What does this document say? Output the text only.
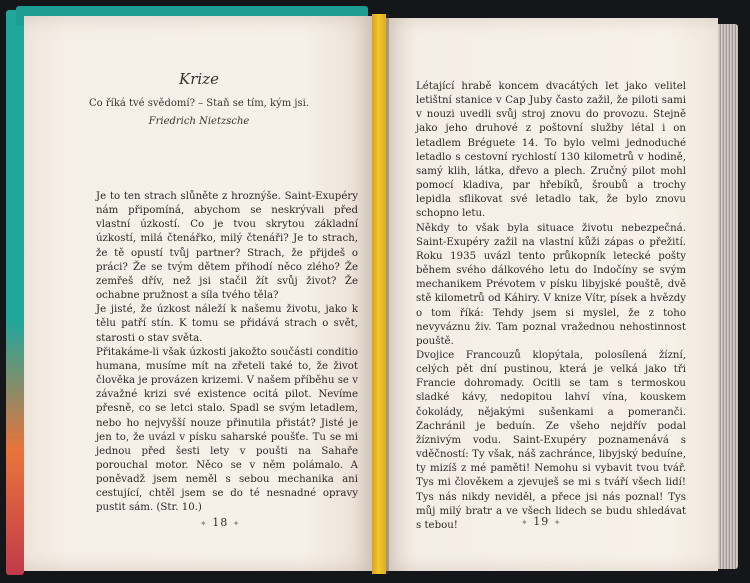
Krize
Co říká tvé svědomí? – Staň se tím, kým jsi.
Friedrich Nietzsche

Je to ten strach slůněte z hroznýše. Saint-Exupéry nám připomíná, abychom se neskrývali před vlastní úzkostí. Co je tvou skrytou základní úzkostí, milá čtenářko, milý čtenáři? Je to strach, že tě opustí tvůj partner? Strach, že přijdeš o práci? Že se tvým dětem přihodí něco zlého? Že zemřeš dřív, než jsi stačil žít svůj život? Že ochabne pružnost a síla tvého těla?

Je jisté, že úzkost náleží k našemu životu, jako k tělu patří stín. K tomu se přidává strach o svět, starosti o stav světa.

Přitakáme-li však úzkosti jakožto součásti conditio humana, musíme mít na zřeteli také to, že život člověka je provázen krizemi. V našem příběhu se v závažné krizi své existence ocitá pilot. Nevíme přesně, co se letci stalo. Spadl se svým letadlem, nebo ho nejvyšší nouze přinutila přistát? Jisté je jen to, že uvázl v písku saharské poušťe. Tu se mi jednou před šesti lety v poušti na Sahaře porouchal motor. Něco se v něm polámalo. A poněvadž jsem neměl s sebou mechanika ani cestující, chtěl jsem se do té nesnadné opravy pustit sám. (Str. 10.)

Létající hrabě koncem dvacátých let jako velitel letištní stanice v Cap Juby často zažil, že piloti sami v nouzi uvedli svůj stroj znovu do provozu. Stejně jako jeho druhové z poštovní služby létal i on letadlem Bréguete 14. To bylo velmi jednoduché letadlo s cestovní rychlostí 130 kilometrů v hodině, samý klih, látka, dřevo a plech. Zručný pilot mohl pomocí kladiva, par hřebíků, šroubů a trochy lepidla sflikovat své letadlo tak, že bylo znovu schopno letu.

Někdy to však byla situace životu nebezpečná. Saint-Exupéry zažil na vlastní kůži zápas o přežití. Roku 1935 uvázl tento průkopník letecké pošty během svého dálkového letu do Indočíny se svým mechanikem Prévotem v písku libyjské pouště, dvě stě kilometrů od Káhiry. V knize Vítr, písek a hvězdy o tom říká: Tehdy jsem si myslel, že z toho nevyváznu živ. Tam poznal vražednou nehostinnost pouště.

Dvojice Francouzů klopýtala, polosílená žízní, celých pět dní pustinou, která je velká jako tři Francie dohromady. Ocitli se tam s termoskou sladké kávy, nedopitou lahví vína, kouskem čokolády, nějakými sušenkami a pomeranči. Zachránil je beduín. Ze všeho nejdřív podal žíznivým vodu. Saint-Exupéry poznamenává s vděčností: Ty však, náš zachránce, libyjský beduíne, ty mizíš z mé paměti! Nemohu si vybavit tvou tvář. Tys mi člověkem a zjevuješ se mi s tváří všech lidí! Tys nás nikdy neviděl, a přece jsi nás poznal! Tys můj milý bratr a ve všech lidech se budu shledávat s tebou!

✦ 18 ✦	✦ 19 ✦
